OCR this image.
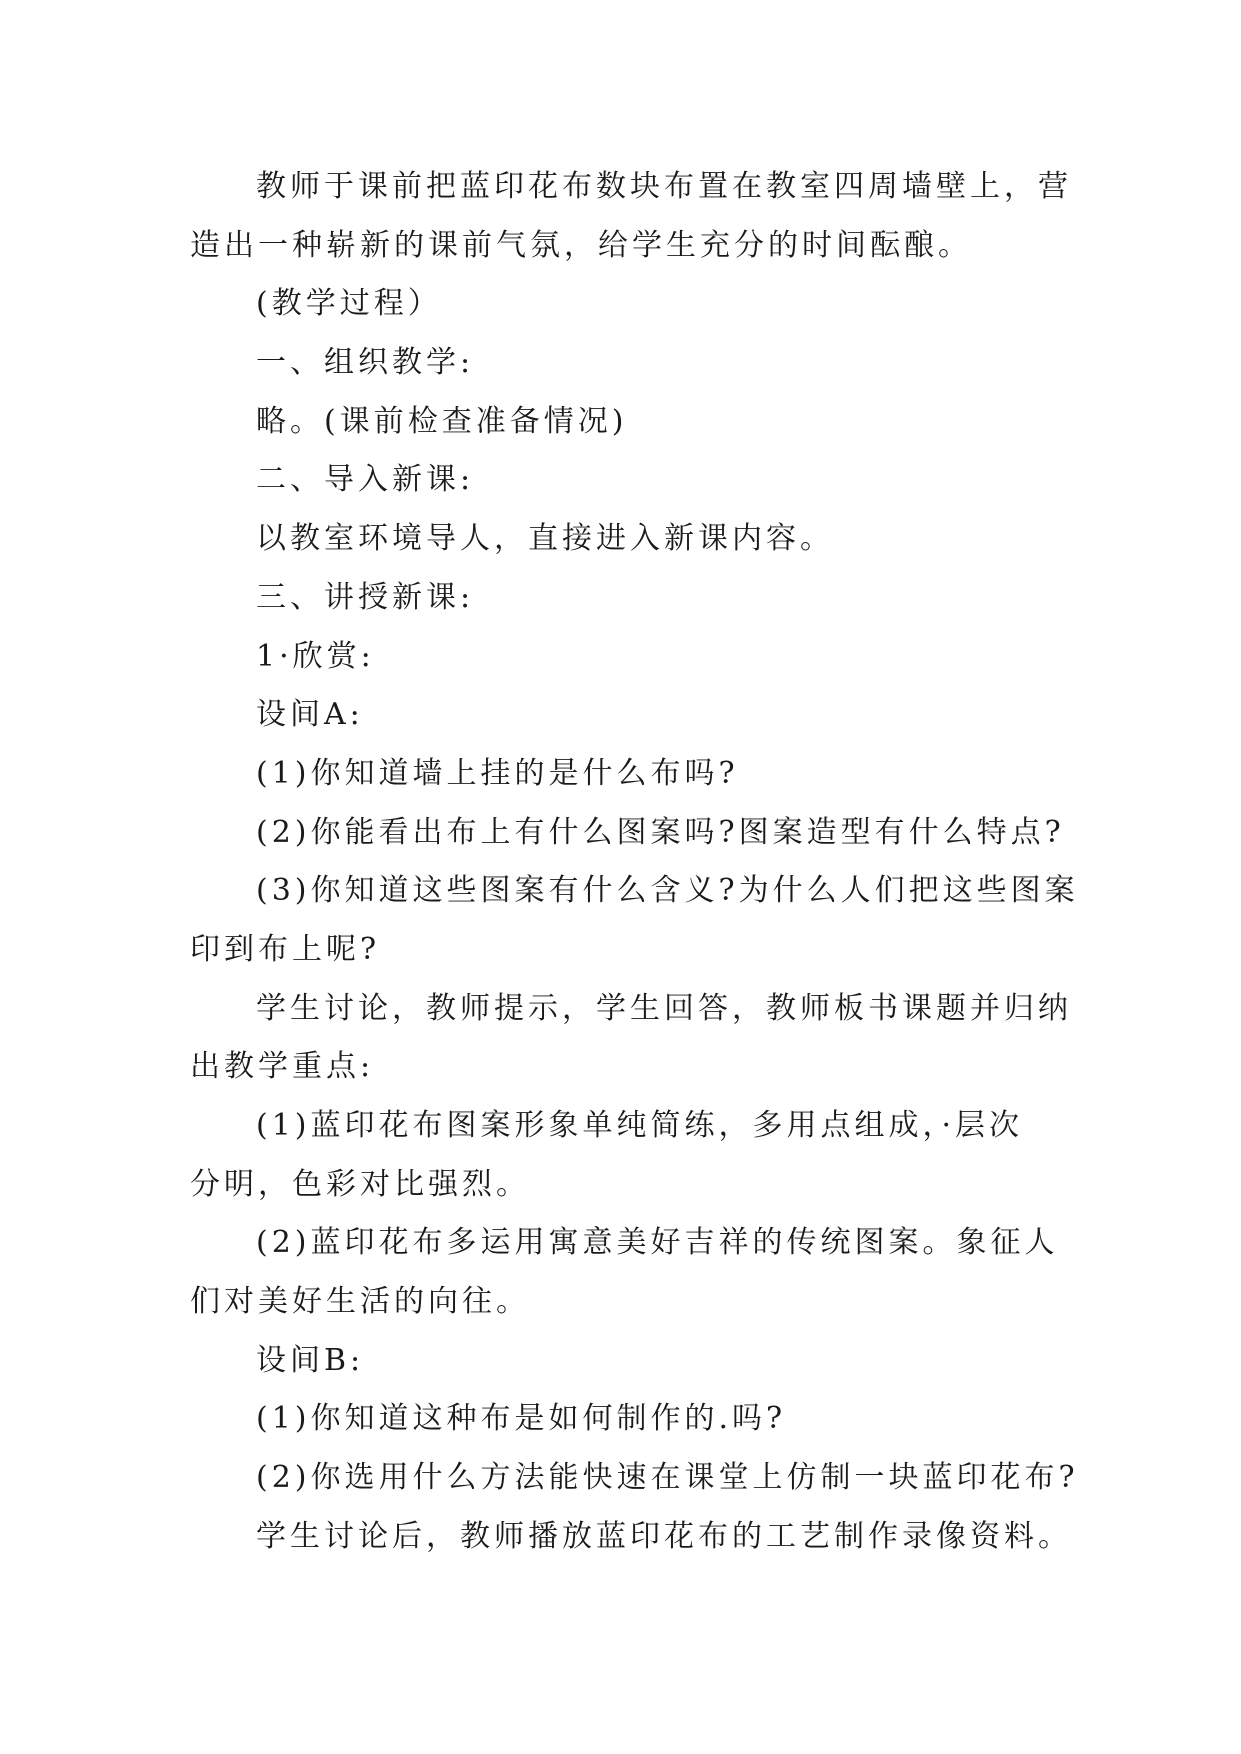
教师于课前把蓝印花布数块布置在教室四周墙壁上，营
造出一种崭新的课前气氛，给学生充分的时间酝酿。
(教学过程）
一、组织教学:
略。(课前检查准备情况)
二、导入新课:
以教室环境导人，直接进入新课内容。
三、讲授新课:
1·欣赏:
设间A:
(1)你知道墙上挂的是什么布吗?
(2)你能看出布上有什么图案吗?图案造型有什么特点?
(3)你知道这些图案有什么含义?为什么人们把这些图案
印到布上呢?
学生讨论，教师提示，学生回答，教师板书课题并归纳
出教学重点:
(1)蓝印花布图案形象单纯简练，多用点组成，·层次
分明，色彩对比强烈。
(2)蓝印花布多运用寓意美好吉祥的传统图案。象征人
们对美好生活的向往。
设间B:
(1)你知道这种布是如何制作的.吗?
(2)你选用什么方法能快速在课堂上仿制一块蓝印花布?
学生讨论后，教师播放蓝印花布的工艺制作录像资料。
